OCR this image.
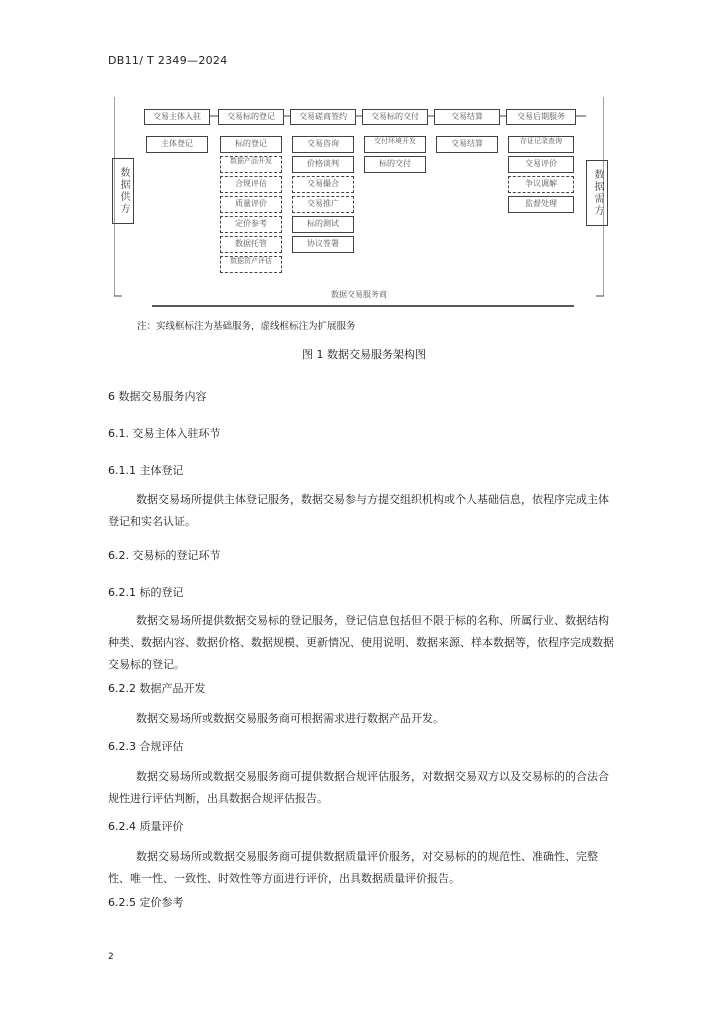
DB11/ T 2349—2024
交易主体入驻
主体登记
交易标的登记
标的登记
数据产品开发
合规评估
质量评价
定价参考
数据托管
数据资产评估
交易磋商签约
交易咨询
价格谈判
交易撮合
交易推广
标的测试
协议签署
交易标的交付
交付环境开发
标的交付
交易结算
交易结算
交易后期服务
存证记录查询
交易评价
争议调解
监督处理
数据供方	数据需方
数据交易服务商
注：实线框标注为基础服务，虚线框标注为扩展服务
图 1 数据交易服务架构图
6 数据交易服务内容
6.1. 交易主体入驻环节
6.1.1 主体登记
数据交易场所提供主体登记服务，数据交易参与方提交组织机构或个人基础信息，依程序完成主体登记和实名认证。
6.2. 交易标的登记环节
6.2.1 标的登记
数据交易场所提供数据交易标的登记服务，登记信息包括但不限于标的名称、所属行业、数据结构种类、数据内容、数据价格、数据规模、更新情况、使用说明、数据来源、样本数据等，依程序完成数据交易标的登记。
6.2.2 数据产品开发
数据交易场所或数据交易服务商可根据需求进行数据产品开发。
6.2.3 合规评估
数据交易场所或数据交易服务商可提供数据合规评估服务，对数据交易双方以及交易标的的合法合规性进行评估判断，出具数据合规评估报告。
6.2.4 质量评价
数据交易场所或数据交易服务商可提供数据质量评价服务，对交易标的的规范性、准确性、完整性、唯一性、一致性、时效性等方面进行评价，出具数据质量评价报告。
6.2.5 定价参考
2
